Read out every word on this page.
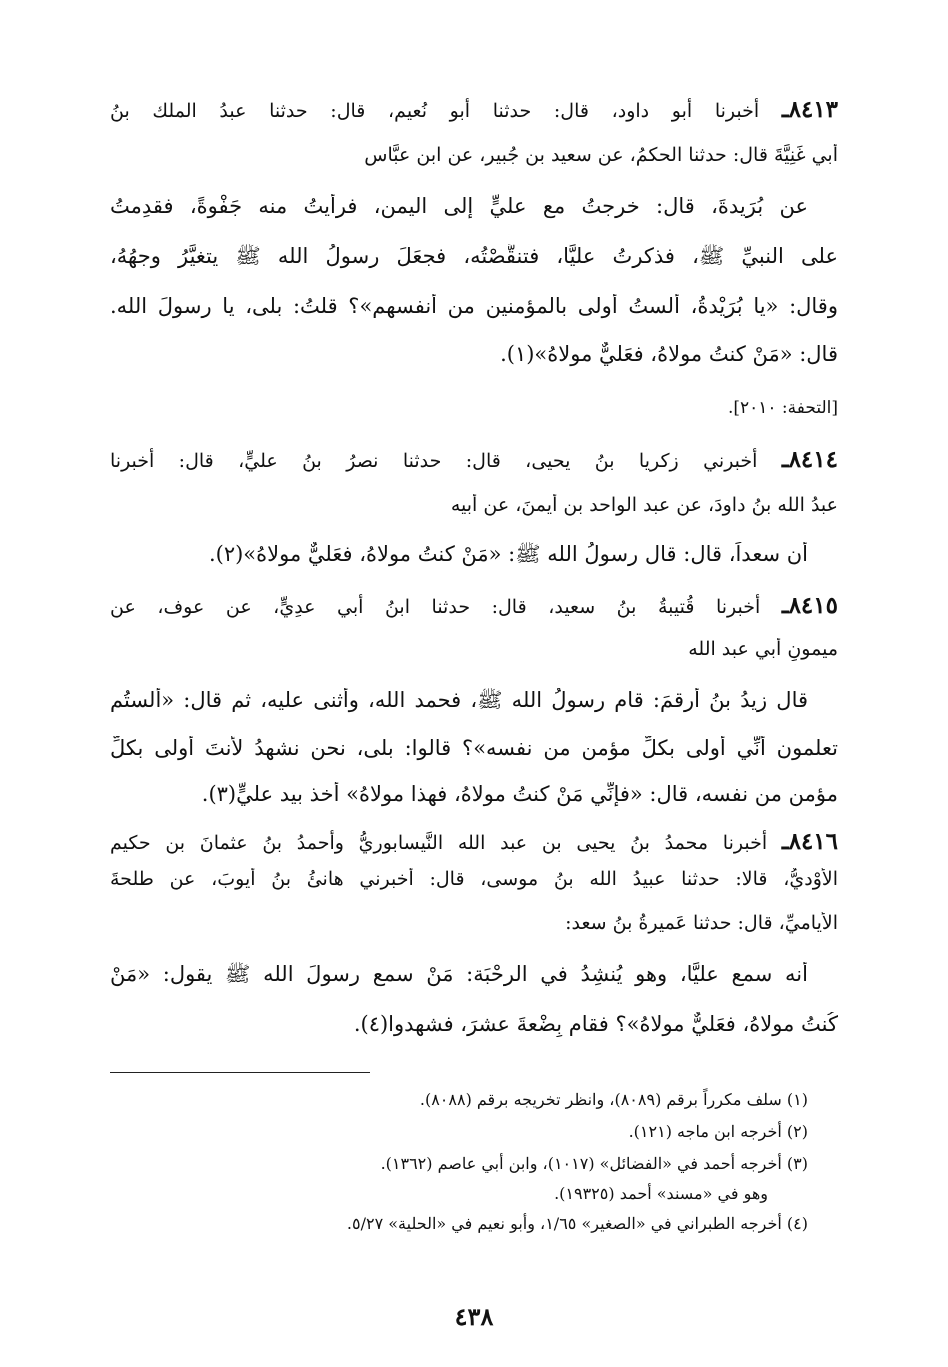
٨٤١٣ـ أخبرنا أبو داود، قال: حدثنا أبو نُعيم، قال: حدثنا عبدُ الملك بنُ
أبي غَنِيَّةَ قال: حدثنا الحكمُ، عن سعيد بن جُبير، عن ابن عبَّاس
عن بُرَيدةَ، قال: خرجتُ مع عليٍّ إلى اليمن، فرأيتُ منه جَفْوةً، فقدِمتُ
على النبيِّ ﷺ، فذكرتُ عليًّا، فتنقَّصْتُه، فجعَلَ رسولُ الله ﷺ يتغيَّرُ وجهُهُ،
وقال: «يا بُرَيْدةُ، ألستُ أولى بالمؤمنين من أنفسهم»؟ قلتُ: بلى، يا رسولَ الله.
قال: «مَنْ كنتُ مولاهُ، فعَليٌّ مولاهُ»(١).
[التحفة: ٢٠١٠].
٨٤١٤ـ أخبرني زكريا بنُ يحيى، قال: حدثنا نصرُ بنُ عليٍّ، قال: أخبرنا
عبدُ الله بنُ داودَ، عن عبد الواحد بن أيمنَ، عن أبيه
أن سعداً، قال: قال رسولُ الله ﷺ: «مَنْ كنتُ مولاهُ، فعَليٌّ مولاهُ»(٢).
٨٤١٥ـ أخبرنا قُتيبةُ بنُ سعيد، قال: حدثنا ابنُ أبي عدِيٍّ، عن عوف، عن
ميمونٍ أبي عبد الله
قال زيدُ بنُ أرقمَ: قام رسولُ الله ﷺ، فحمد الله، وأثنى عليه، ثم قال: «ألستُم
تعلمون أنِّي أولى بكلِّ مؤمنٍ من نفسه»؟ قالوا: بلى، نحن نشهدُ لأنتَ أولى بكلِّ
مؤمنٍ من نفسه، قال: «فإنِّي مَنْ كنتُ مولاهُ، فهذا مولاهُ» أخذ بيد عليٍّ(٣).
٨٤١٦ـ أخبرنا محمدُ بنُ يحيى بن عبد الله النَّيسابوريُّ وأحمدُ بنُ عثمانَ بن حكيم
الأَوْديُّ، قالا: حدثنا عبيدُ الله بنُ موسى، قال: أخبرني هانئُ بنُ أيوبَ، عن طلحةَ
الأياميِّ، قال: حدثنا عَميرةُ بنُ سعد:
أنه سمع عليًّا، وهو يُنشِدُ في الرحْبَة: مَنْ سمع رسولَ الله ﷺ يقول: «مَنْ
كُنتُ مولاهُ، فعَليٌّ مولاهُ»؟ فقام بِضْعةَ عشرَ، فشهِدوا(٤).
(١) سلف مكرراً برقم (٨٠٨٩)، وانظر تخريجه برقم (٨٠٨٨).
(٢) أخرجه ابن ماجه (١٢١).
(٣) أخرجه أحمد في «الفضائل» (١٠١٧)، وابن أبي عاصم (١٣٦٢).
وهو في «مسند» أحمد (١٩٣٢٥).
(٤) أخرجه الطبراني في «الصغير» ١/٦٥، وأبو نعيم في «الحلية» ٥/٢٧.
٤٣٨
